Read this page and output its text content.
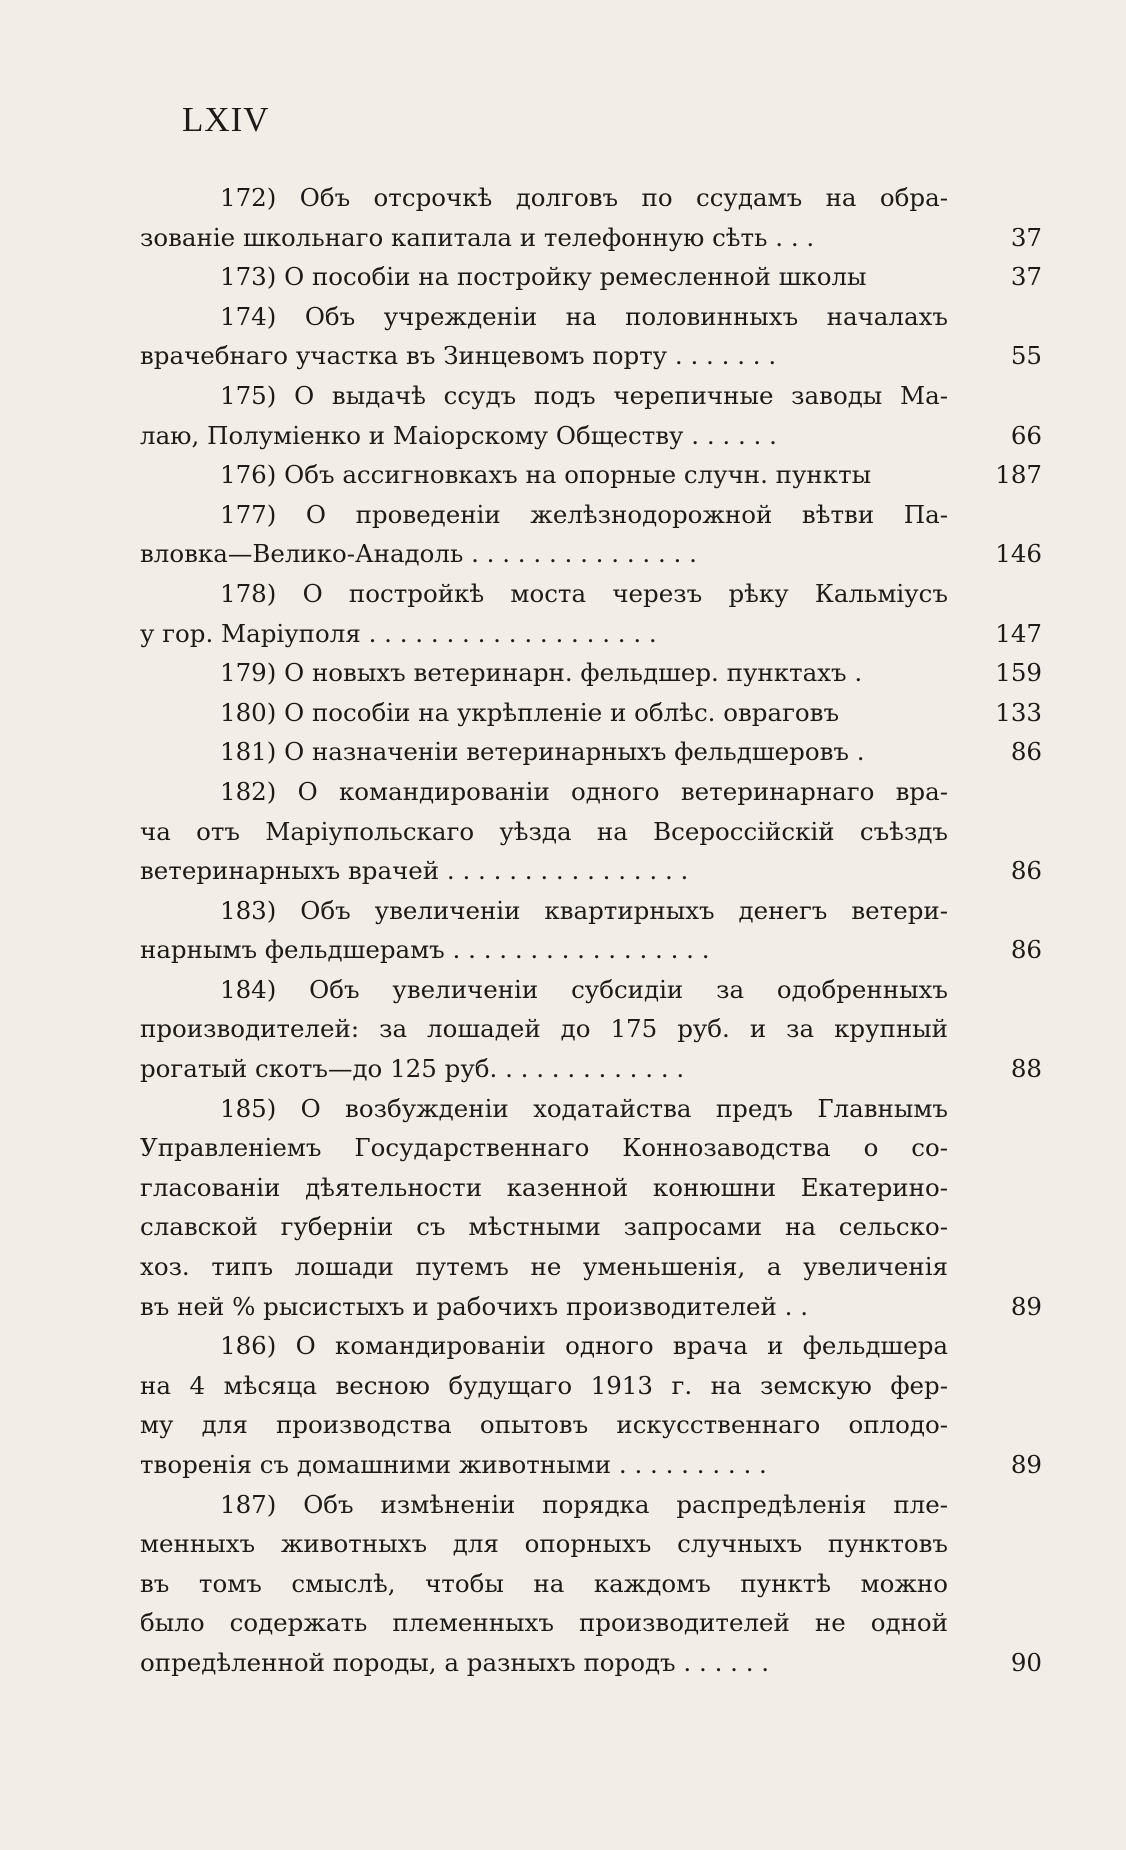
LXIV
172) Объ отсрочкѣ долговъ по ссудамъ на обра-
зованіе школьнаго капитала и телефонную сѣть . . .	37
173) О пособіи на постройку ремесленной школы	37
174) Объ учрежденіи на половинныхъ началахъ
врачебнаго участка въ Зинцевомъ порту . . . . . . .	55
175) О выдачѣ ссудъ подъ черепичные заводы Ма-
лаю, Полуміенко и Маіорскому Обществу . . . . . .	66
176) Объ ассигновкахъ на опорные случн. пункты	187
177) О проведеніи желѣзнодорожной вѣтви Па-
вловка—Велико-Анадоль . . . . . . . . . . . . . . .	146
178) О постройкѣ моста черезъ рѣку Кальміусъ
у гор. Маріуполя . . . . . . . . . . . . . . . . . . .	147
179) О новыхъ ветеринарн. фельдшер. пунктахъ .	159
180) О пособіи на укрѣпленіе и облѣс. овраговъ	133
181) О назначеніи ветеринарныхъ фельдшеровъ .	86
182) О командированіи одного ветеринарнаго вра-
ча отъ Маріупольскаго уѣзда на Всероссійскій съѣздъ
ветеринарныхъ врачей . . . . . . . . . . . . . . . .	86
183) Объ увеличеніи квартирныхъ денегъ ветери-
нарнымъ фельдшерамъ . . . . . . . . . . . . . . . . .	86
184) Объ увеличеніи субсидіи за одобренныхъ
производителей: за лошадей до 175 руб. и за крупный
рогатый скотъ—до 125 руб. . . . . . . . . . . . .	88
185) О возбужденіи ходатайства предъ Главнымъ
Управленіемъ Государственнаго Коннозаводства о со-
гласованіи дѣятельности казенной конюшни Екатерино-
славской губерніи съ мѣстными запросами на сельско-
хоз. типъ лошади путемъ не уменьшенія, а увеличенія
въ ней % рысистыхъ и рабочихъ производителей . .	89
186) О командированіи одного врача и фельдшера
на 4 мѣсяца весною будущаго 1913 г. на земскую фер-
му для производства опытовъ искусственнаго оплодо-
творенія съ домашними животными . . . . . . . . . .	89
187) Объ измѣненіи порядка распредѣленія пле-
менныхъ животныхъ для опорныхъ случныхъ пунктовъ
въ томъ смыслѣ, чтобы на каждомъ пунктѣ можно
было содержать племенныхъ производителей не одной
опредѣленной породы, а разныхъ породъ . . . . . .	90
